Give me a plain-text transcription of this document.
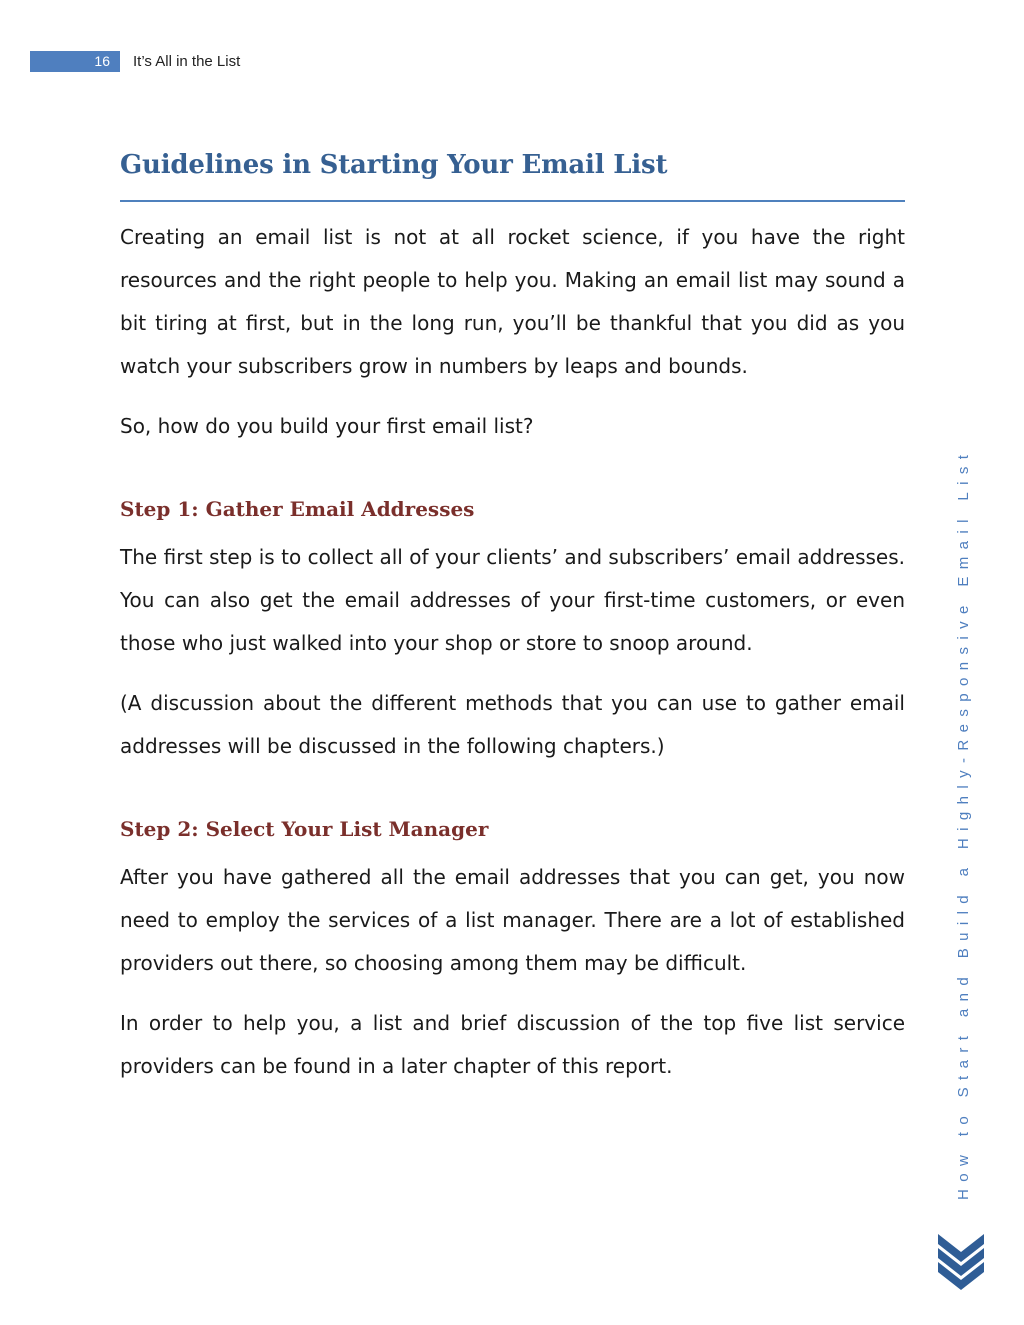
16	It’s All in the List
Guidelines in Starting Your Email List

Creating an email list is not at all rocket science, if you have the right resources and the right people to help you. Making an email list may sound a bit tiring at first, but in the long run, you’ll be thankful that you did as you watch your subscribers grow in numbers by leaps and bounds.

So, how do you build your first email list?

Step 1: Gather Email Addresses

The first step is to collect all of your clients’ and subscribers’ email addresses. You can also get the email addresses of your first-time customers, or even those who just walked into your shop or store to snoop around.

(A discussion about the different methods that you can use to gather email addresses will be discussed in the following chapters.)

Step 2: Select Your List Manager

After you have gathered all the email addresses that you can get, you now need to employ the services of a list manager. There are a lot of established providers out there, so choosing among them may be difficult.

In order to help you, a list and brief discussion of the top five list service providers can be found in a later chapter of this report.	How to Start and Build a Highly-Responsive Email List
